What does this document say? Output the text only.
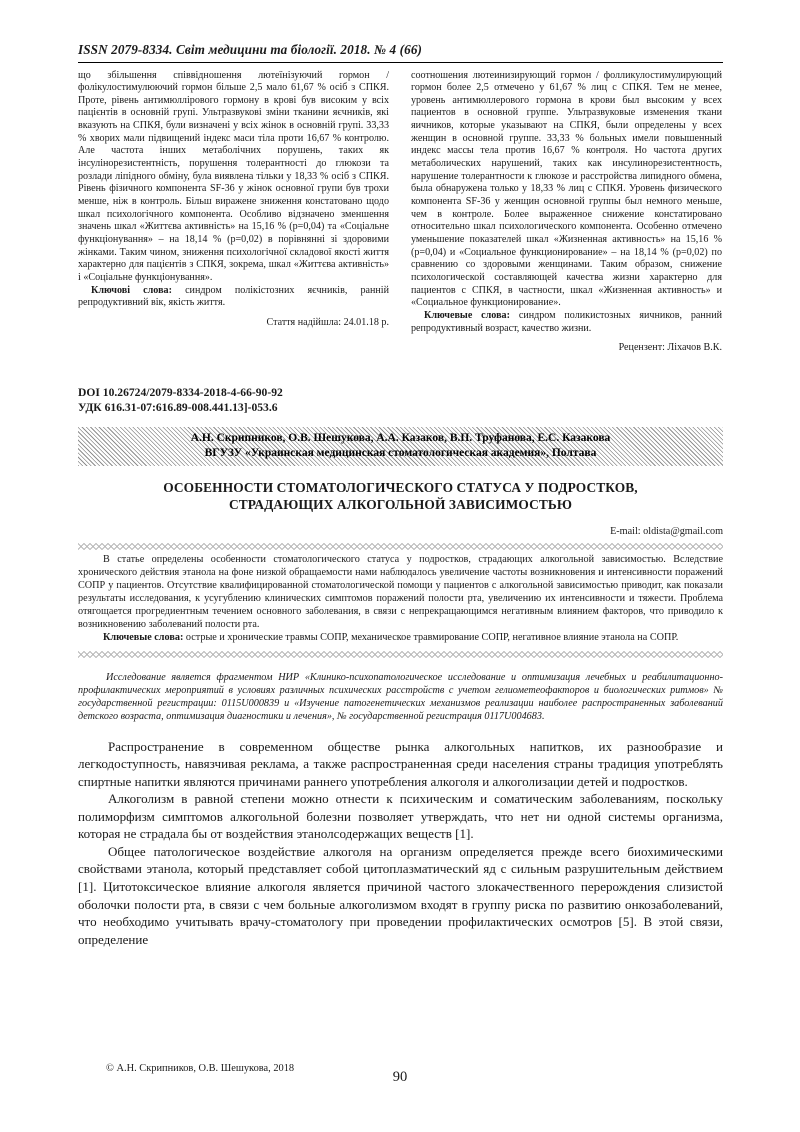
ISSN 2079-8334. Світ медицини та біології. 2018. № 4 (66)

що збільшення співвідношення лютеїнізуючий гормон / фолікулостимулюючий гормон більше 2,5 мало 61,67 % осіб з СПКЯ. Проте, рівень антимюллірового гормону в крові був високим у всіх пацієнтів в основній групі. Ультразвукові зміни тканини яєчників, які вказують на СПКЯ, були визначені у всіх жінок в основній групі. 33,33 % хворих мали підвищений індекс маси тіла проти 16,67 % контролю. Але частота інших метаболічних порушень, таких як інсулінорезистентність, порушення толерантності до глюкози та розлади ліпідного обміну, була виявлена тільки у 18,33 % осіб з СПКЯ. Рівень фізичного компонента SF-36 у жінок основної групи був трохи менше, ніж в контроль. Більш виражене зниження констатовано щодо шкал психологічного компонента. Особливо відзначено зменшення значень шкал «Життєва активність» на 15,16 % (р=0,04) та «Соціальне функціонування» – на 18,14 % (р=0,02) в порівнянні зі здоровими жінками. Таким чином, зниження психологічної складової якості життя характерно для пацієнтів з СПКЯ, зокрема, шкал «Життєва активність» і «Соціальне функціонування».

Ключові слова: синдром полікістозних яєчників, ранній репродуктивний вік, якість життя.

Стаття надійшла: 24.01.18 р.

соотношения лютеинизирующий гормон / фолликулостимулирующий гормон более 2,5 отмечено у 61,67 % лиц с СПКЯ. Тем не менее, уровень антимюллерового гормона в крови был высоким у всех пациентов в основной группе. Ультразвуковые изменения ткани яичников, которые указывают на СПКЯ, были определены у всех женщин в основной группе. 33,33 % больных имели повышенный индекс массы тела против 16,67 % контроля. Но частота других метаболических нарушений, таких как инсулинорезистентность, нарушение толерантности к глюкозе и расстройства липидного обмена, была обнаружена только у 18,33 % лиц с СПКЯ. Уровень физического компонента SF-36 у женщин основной группы был немного меньше, чем в контроле. Более выраженное снижение констатировано относительно шкал психологического компонента. Особенно отмечено уменьшение показателей шкал «Жизненная активность» на 15,16 % (р=0,04) и «Социальное функционирование» – на 18,14 % (р=0,02) по сравнению со здоровыми женщинами. Таким образом, снижение психологической составляющей качества жизни характерно для пациентов с СПКЯ, в частности, шкал «Жизненная активность» и «Социальное функционирование».

Ключевые слова: синдром поликистозных яичников, ранний репродуктивный возраст, качество жизни.

Рецензент: Ліхачов В.К.

DOI 10.26724/2079-8334-2018-4-66-90-92
УДК 616.31-07:616.89-008.441.13]-053.6
А.Н. Скрипников, О.В. Шешукова, А.А. Казаков, В.П. Труфанова, Е.С. Казакова
ВГУЗУ «Украинская медицинская стоматологическая академия», Полтава
ОСОБЕННОСТИ СТОМАТОЛОГИЧЕСКОГО СТАТУСА У ПОДРОСТКОВ,
СТРАДАЮЩИХ АЛКОГОЛЬНОЙ ЗАВИСИМОСТЬЮ
E-mail: oldista@gmail.com

В статье определены особенности стоматологического статуса у подростков, страдающих алкогольной зависимостью. Вследствие хронического действия этанола на фоне низкой обращаемости нами наблюдалось увеличение частоты возникновения и интенсивности поражений СОПР у пациентов. Отсутствие квалифицированной стоматологической помощи у пациентов с алкогольной зависимостью приводит, как показали результаты исследования, к усугублению клинических симптомов поражений полости рта, увеличению их интенсивности и тяжести. Проблема отягощается прогредиентным течением основного заболевания, в связи с непрекращающимся негативным влиянием факторов, что приводило к возникновению заболеваний полости рта.

Ключевые слова: острые и хронические травмы СОПР, механическое травмирование СОПР, негативное влияние этанола на СОПР.

Исследование является фрагментом НИР «Клинико-психопатологическое исследование и оптимизация лечебных и реабилитационно-профилактических мероприятий в условиях различных психических расстройств с учетом гелиометеофакторов и биологических ритмов» № государственной регистрации: 0115U000839 и «Изучение патогенетических механизмов реализации наиболее распространенных заболеваний детского возраста, оптимизация диагностики и лечения», № государственной регистрация 0117U004683.

Распространение в современном обществе рынка алкогольных напитков, их разнообразие и легкодоступность, навязчивая реклама, а также распространенная среди населения страны традиция употреблять спиртные напитки являются причинами раннего употребления алкоголя и алкоголизации детей и подростков.

Алкоголизм в равной степени можно отнести к психическим и соматическим заболеваниям, поскольку полиморфизм симптомов алкогольной болезни позволяет утверждать, что нет ни одной системы организма, которая не страдала бы от воздействия этанолсодержащих веществ [1].

Общее патологическое воздействие алкоголя на организм определяется прежде всего биохимическими свойствами этанола, который представляет собой цитоплазматический яд с сильным разрушительным действием [1]. Цитотоксическое влияние алкоголя является причиной частого злокачественного перерождения слизистой оболочки полости рта, в связи с чем больные алкоголизмом входят в группу риска по развитию онкозаболеваний, что необходимо учитывать врачу-стоматологу при проведении профилактических осмотров [5]. В этой связи, определение

© А.Н. Скрипников, О.В. Шешукова, 2018
90
